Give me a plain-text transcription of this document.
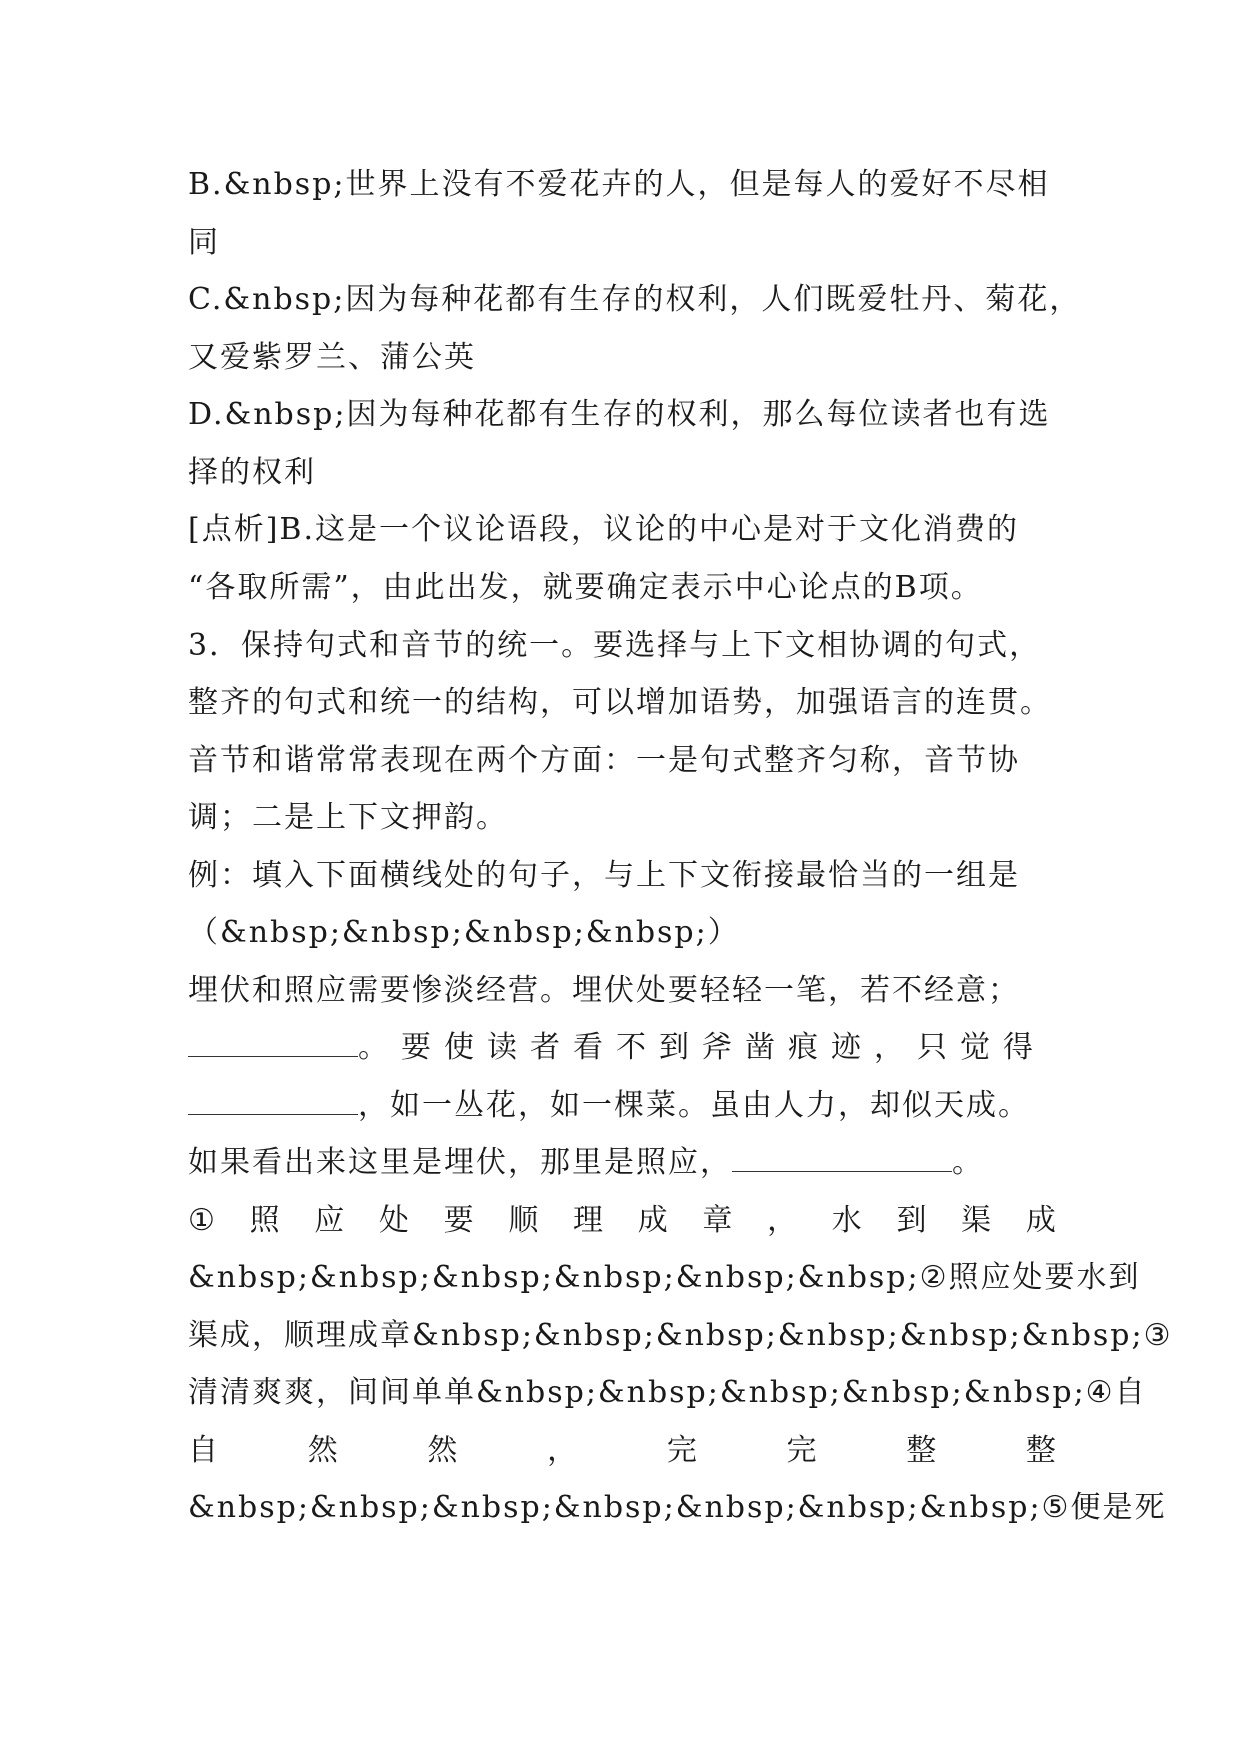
B.&nbsp;世界上没有不爱花卉的人，但是每人的爱好不尽相
同
C.&nbsp;因为每种花都有生存的权利，人们既爱牡丹、菊花，
又爱紫罗兰、蒲公英
D.&nbsp;因为每种花都有生存的权利，那么每位读者也有选
择的权利
[点析]B.这是一个议论语段，议论的中心是对于文化消费的
“各取所需”，由此出发，就要确定表示中心论点的B项。
3．保持句式和音节的统一。要选择与上下文相协调的句式，
整齐的句式和统一的结构，可以增加语势，加强语言的连贯。
音节和谐常常表现在两个方面：一是句式整齐匀称，音节协
调；二是上下文押韵。
例：填入下面横线处的句子，与上下文衔接最恰当的一组是
（&nbsp;&nbsp;&nbsp;&nbsp;）
埋伏和照应需要惨淡经营。埋伏处要轻轻一笔，若不经意；
。要使读者看不到斧凿痕迹，只觉得
，如一丛花，如一棵菜。虽由人力，却似天成。
如果看出来这里是埋伏，那里是照应，	。
① 照 应 处 要 顺 理 成 章 ， 水 到 渠 成
&nbsp;&nbsp;&nbsp;&nbsp;&nbsp;&nbsp;②照应处要水到
渠成，顺理成章&nbsp;&nbsp;&nbsp;&nbsp;&nbsp;&nbsp;③
清清爽爽，间间单单&nbsp;&nbsp;&nbsp;&nbsp;&nbsp;④自
自	然	然	，	完	完	整	整
&nbsp;&nbsp;&nbsp;&nbsp;&nbsp;&nbsp;&nbsp;⑤便是死
